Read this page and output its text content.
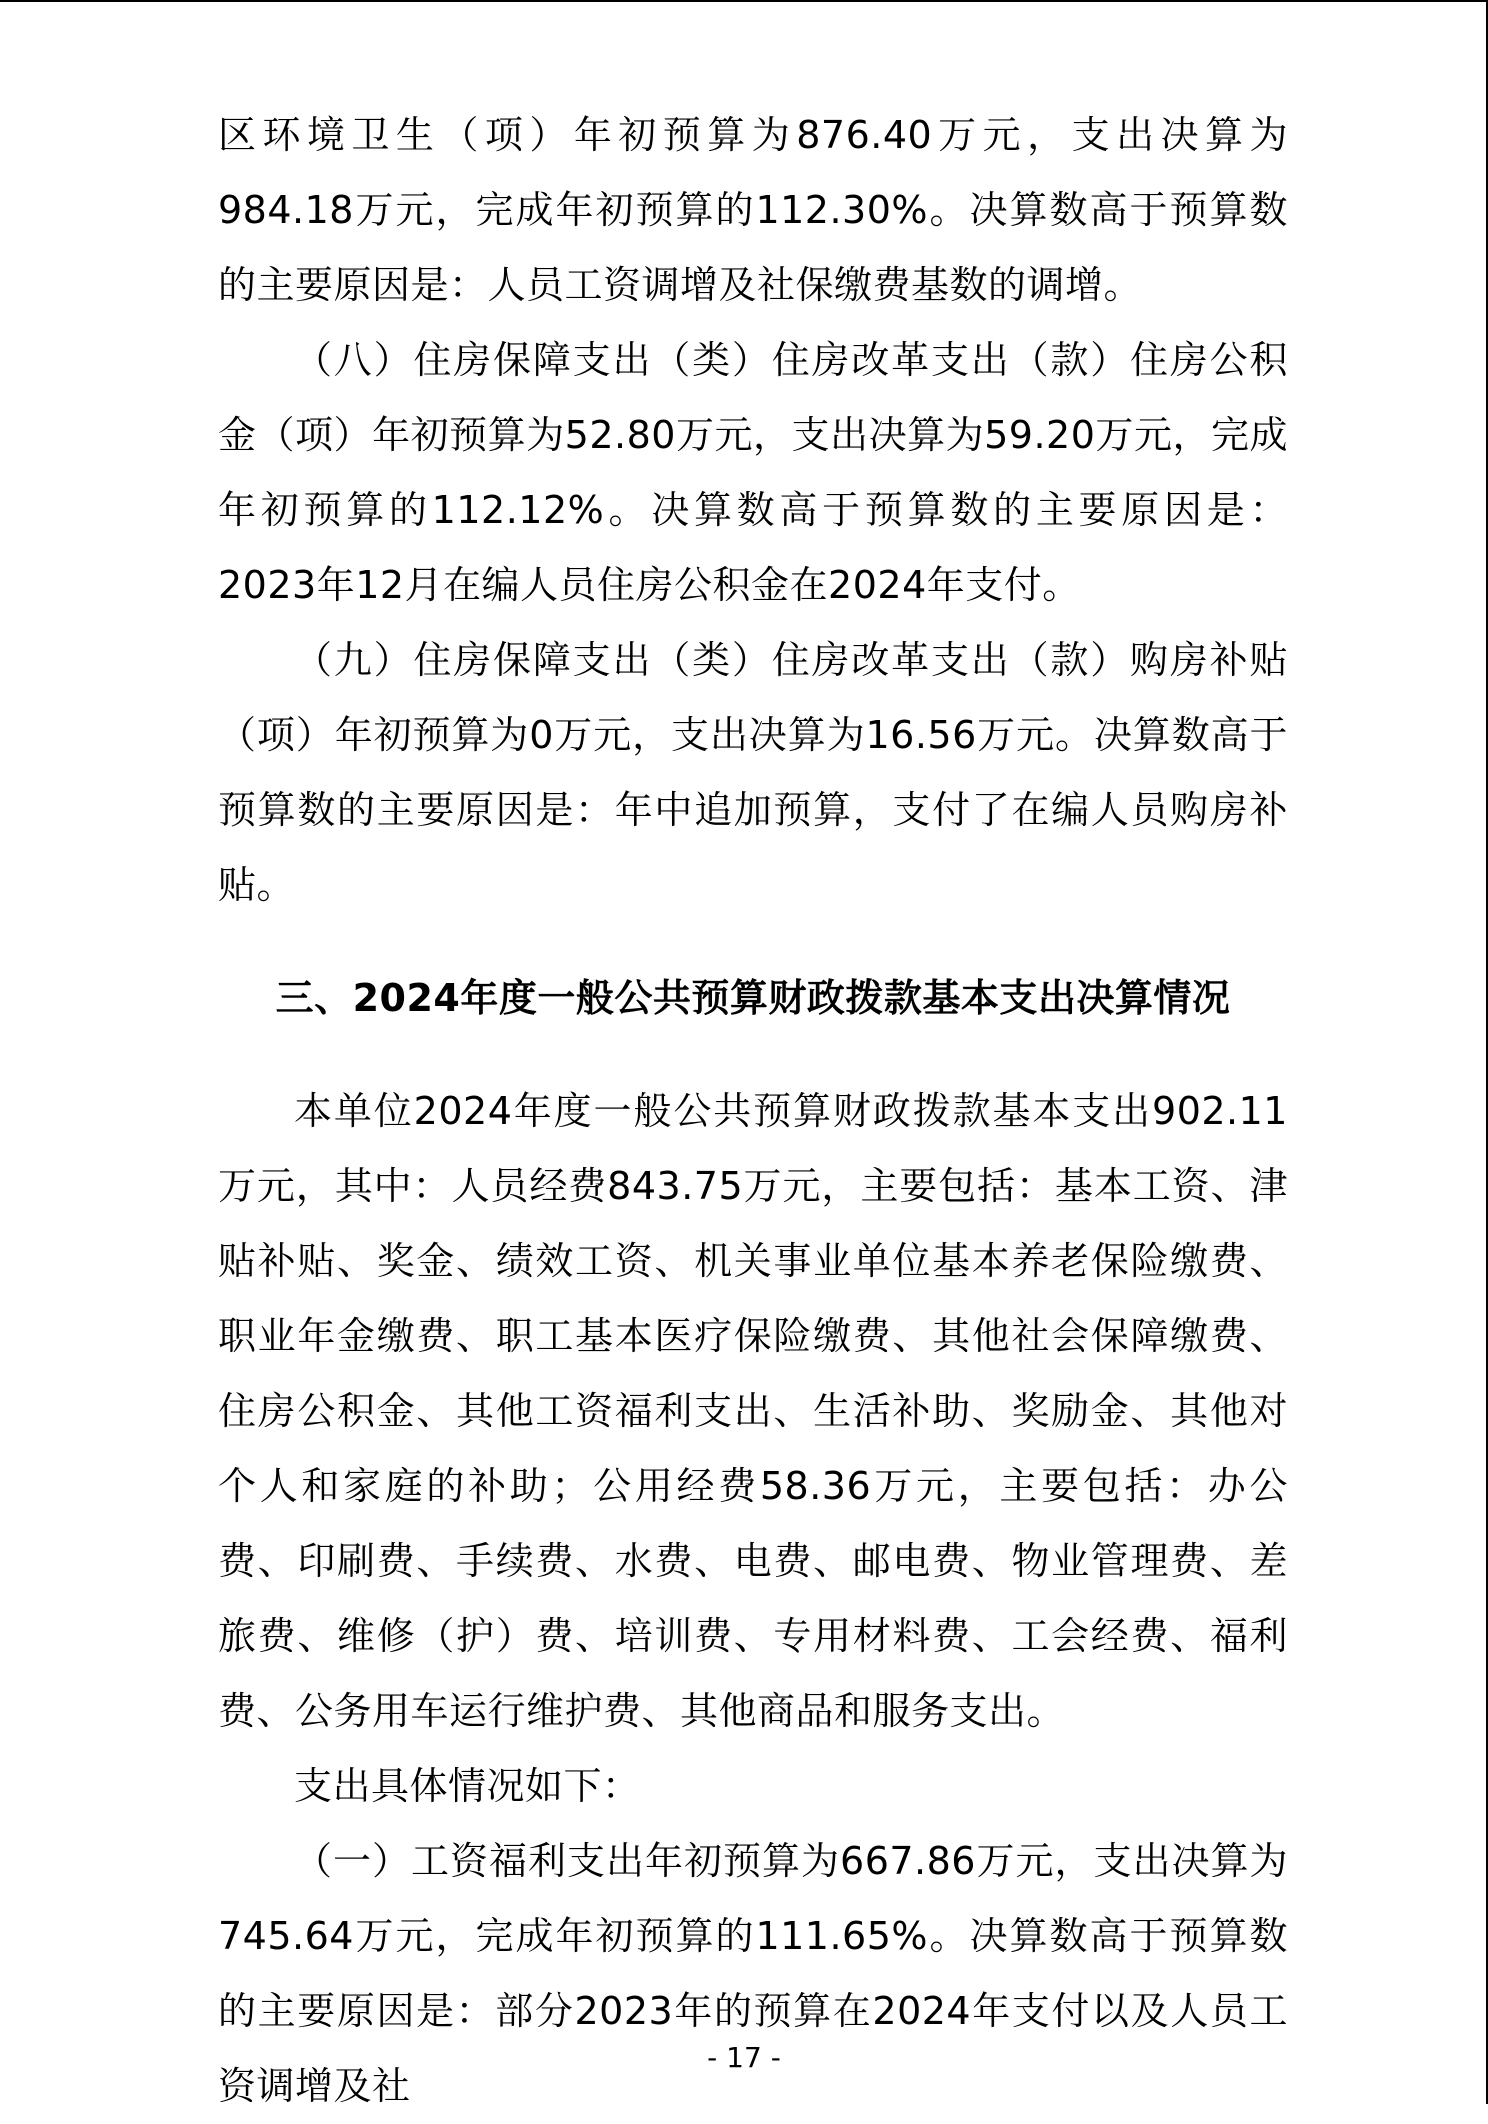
区环境卫生（项）年初预算为876.40万元，支出决算为984.18万元，完成年初预算的112.30%。决算数高于预算数的主要原因是：人员工资调增及社保缴费基数的调增。

（八）住房保障支出（类）住房改革支出（款）住房公积金（项）年初预算为52.80万元，支出决算为59.20万元，完成年初预算的112.12%。决算数高于预算数的主要原因是：2023年12月在编人员住房公积金在2024年支付。

（九）住房保障支出（类）住房改革支出（款）购房补贴（项）年初预算为0万元，支出决算为16.56万元。决算数高于预算数的主要原因是：年中追加预算，支付了在编人员购房补贴。

三、2024年度一般公共预算财政拨款基本支出决算情况

本单位2024年度一般公共预算财政拨款基本支出902.11万元，其中：人员经费843.75万元，主要包括：基本工资、津贴补贴、奖金、绩效工资、机关事业单位基本养老保险缴费、职业年金缴费、职工基本医疗保险缴费、其他社会保障缴费、住房公积金、其他工资福利支出、生活补助、奖励金、其他对个人和家庭的补助；公用经费58.36万元，主要包括：办公费、印刷费、手续费、水费、电费、邮电费、物业管理费、差旅费、维修（护）费、培训费、专用材料费、工会经费、福利费、公务用车运行维护费、其他商品和服务支出。

支出具体情况如下：

（一）工资福利支出年初预算为667.86万元，支出决算为745.64万元，完成年初预算的111.65%。决算数高于预算数的主要原因是：部分2023年的预算在2024年支付以及人员工资调增及社

- 17 -
